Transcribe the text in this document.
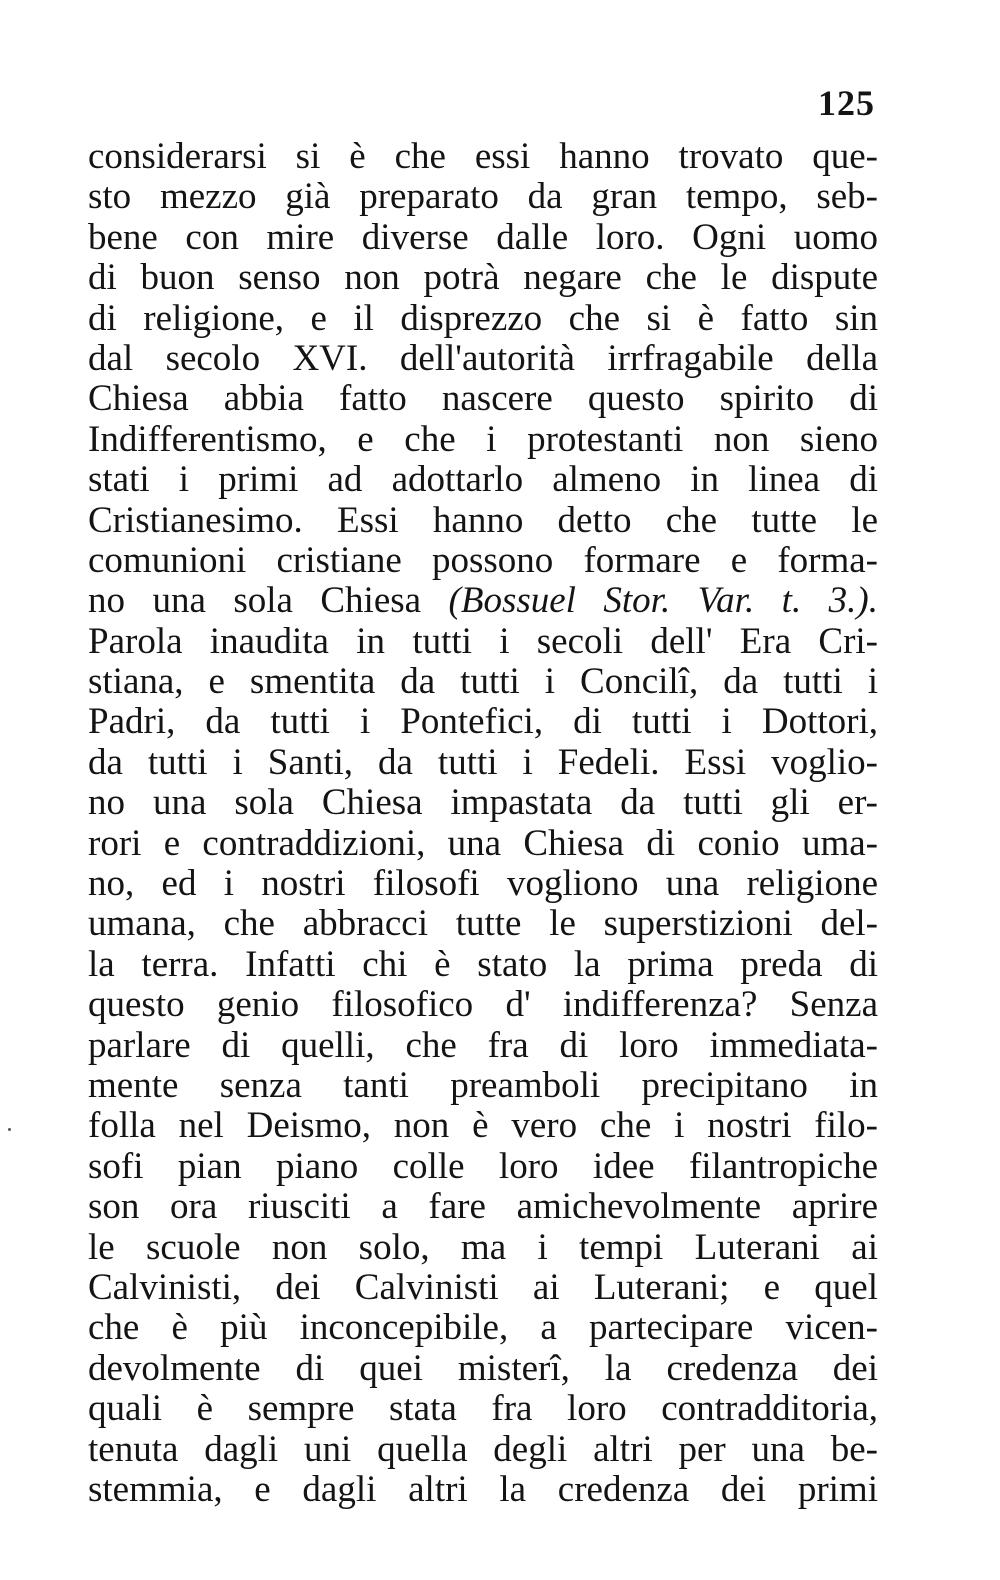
125
considerarsi si è che essi hanno trovato que-
sto mezzo già preparato da gran tempo, seb-
bene con mire diverse dalle loro. Ogni uomo
di buon senso non potrà negare che le dispute
di religione, e il disprezzo che si è fatto sin
dal secolo XVI. dell'autorità irrfragabile della
Chiesa abbia fatto nascere questo spirito di
Indifferentismo, e che i protestanti non sieno
stati i primi ad adottarlo almeno in linea di
Cristianesimo. Essi hanno detto che tutte le
comunioni cristiane possono formare e forma-
no una sola Chiesa (Bossuel Stor. Var. t. 3.).
Parola inaudita in tutti i secoli dell' Era Cri-
stiana, e smentita da tutti i Concilî, da tutti i
Padri, da tutti i Pontefici, di tutti i Dottori,
da tutti i Santi, da tutti i Fedeli. Essi voglio-
no una sola Chiesa impastata da tutti gli er-
rori e contraddizioni, una Chiesa di conio uma-
no, ed i nostri filosofi vogliono una religione
umana, che abbracci tutte le superstizioni del-
la terra. Infatti chi è stato la prima preda di
questo genio filosofico d' indifferenza? Senza
parlare di quelli, che fra di loro immediata-
mente senza tanti preamboli precipitano in
folla nel Deismo, non è vero che i nostri filo-
sofi pian piano colle loro idee filantropiche
son ora riusciti a fare amichevolmente aprire
le scuole non solo, ma i tempi Luterani ai
Calvinisti, dei Calvinisti ai Luterani; e quel
che è più inconcepibile, a partecipare vicen-
devolmente di quei misterî, la credenza dei
quali è sempre stata fra loro contradditoria,
tenuta dagli uni quella degli altri per una be-
stemmia, e dagli altri la credenza dei primi
